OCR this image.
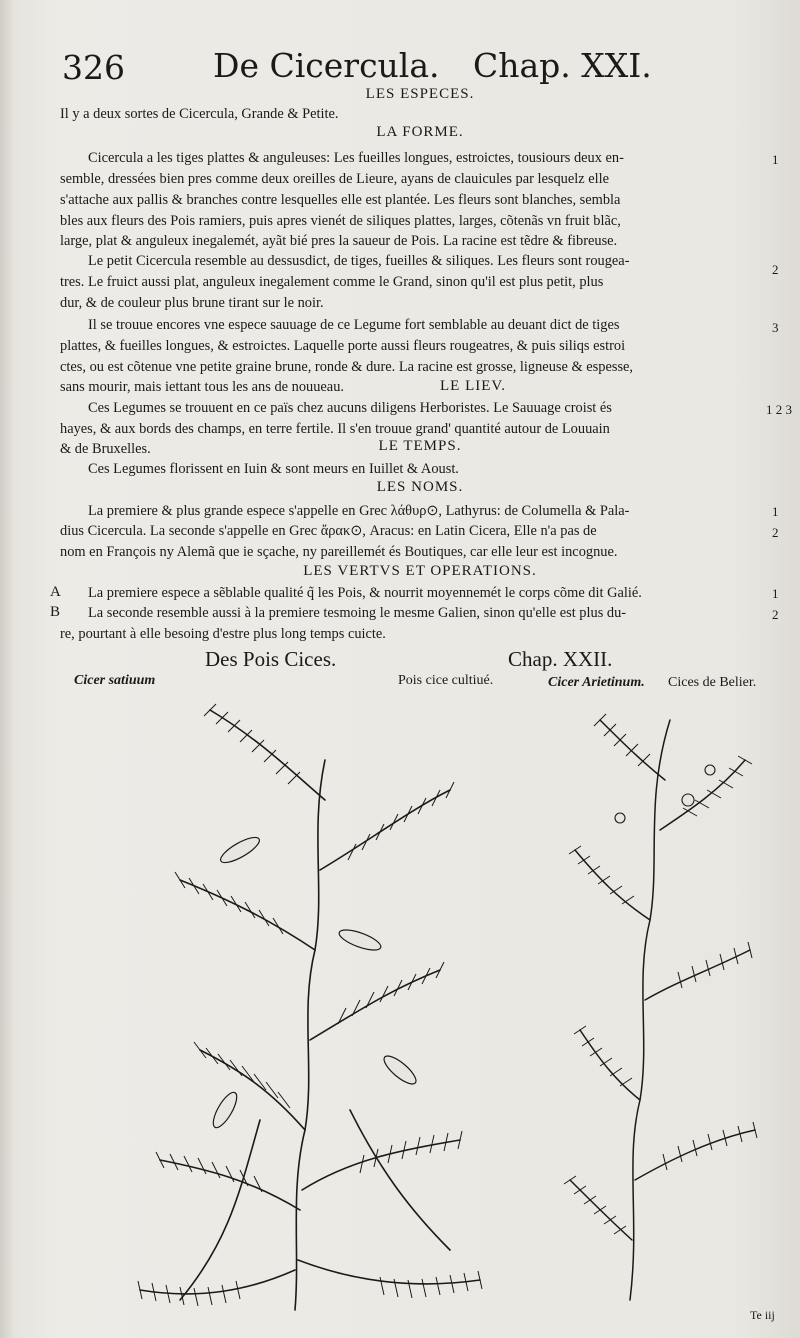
326	De Cicercula. Chap. XXI.
LES ESPECES.
Il y a deux sortes de Cicercula, Grande & Petite.
LA FORME.
Cicercula a les tiges plattes & anguleuses: Les fueilles longues, estroictes, tousiours deux en-
semble, dressées bien pres comme deux oreilles de Lieure, ayans de clauicules par lesquelz elle
s'attache aux pallis & branches contre lesquelles elle est plantée. Les fleurs sont blanches, sembla
bles aux fleurs des Pois ramiers, puis apres vienét de siliques plattes, larges, cõtenãs vn fruit blãc,
large, plat & anguleux inegalemét, ayãt bié pres la saueur de Pois. La racine est tẽdre & fibreuse.
Le petit Cicercula resemble au dessusdict, de tiges, fueilles & siliques. Les fleurs sont rougea-
tres. Le fruict aussi plat, anguleux inegalement comme le Grand, sinon qu'il est plus petit, plus
dur, & de couleur plus brune tirant sur le noir.
Il se trouue encores vne espece sauuage de ce Legume fort semblable au deuant dict de tiges
plattes, & fueilles longues, & estroictes. Laquelle porte aussi fleurs rougeatres, & puis siliqs estroi
ctes, ou est cõtenue vne petite graine brune, ronde & dure. La racine est grosse, ligneuse & espesse,
sans mourir, mais iettant tous les ans de nouueau.	LE LIEV.
Ces Legumes se trouuent en ce païs chez aucuns diligens Herboristes. Le Sauuage croist és
hayes, & aux bords des champs, en terre fertile. Il s'en trouue grand' quantité autour de Louuain
& de Bruxelles.	LE TEMPS.
Ces Legumes florissent en Iuin & sont meurs en Iuillet & Aoust.
LES NOMS.
La premiere & plus grande espece s'appelle en Grec λάθυρ⊙, Lathyrus: de Columella & Pala-
dius Cicercula. La seconde s'appelle en Grec ἄρακ⊙, Aracus: en Latin Cicera, Elle n'a pas de
nom en François ny Alemã que ie sçache, ny pareillemét és Boutiques, car elle leur est incognue.
LES VERTVS ET OPERATIONS.
La premiere espece a sẽblable qualité q̃ les Pois, & nourrit moyennemét le corps cõme dit Galié.
La seconde resemble aussi à la premiere tesmoing le mesme Galien, sinon qu'elle est plus du-
re, pourtant à elle besoing d'estre plus long temps cuicte.
A
B
1
2
3
1 2 3
1
2
1
2
Des Pois Cices.	Chap. XXII.
Cicer satiuum	Pois cice cultiué.	Cicer Arietinum. Cices de Belier.
Te iij
